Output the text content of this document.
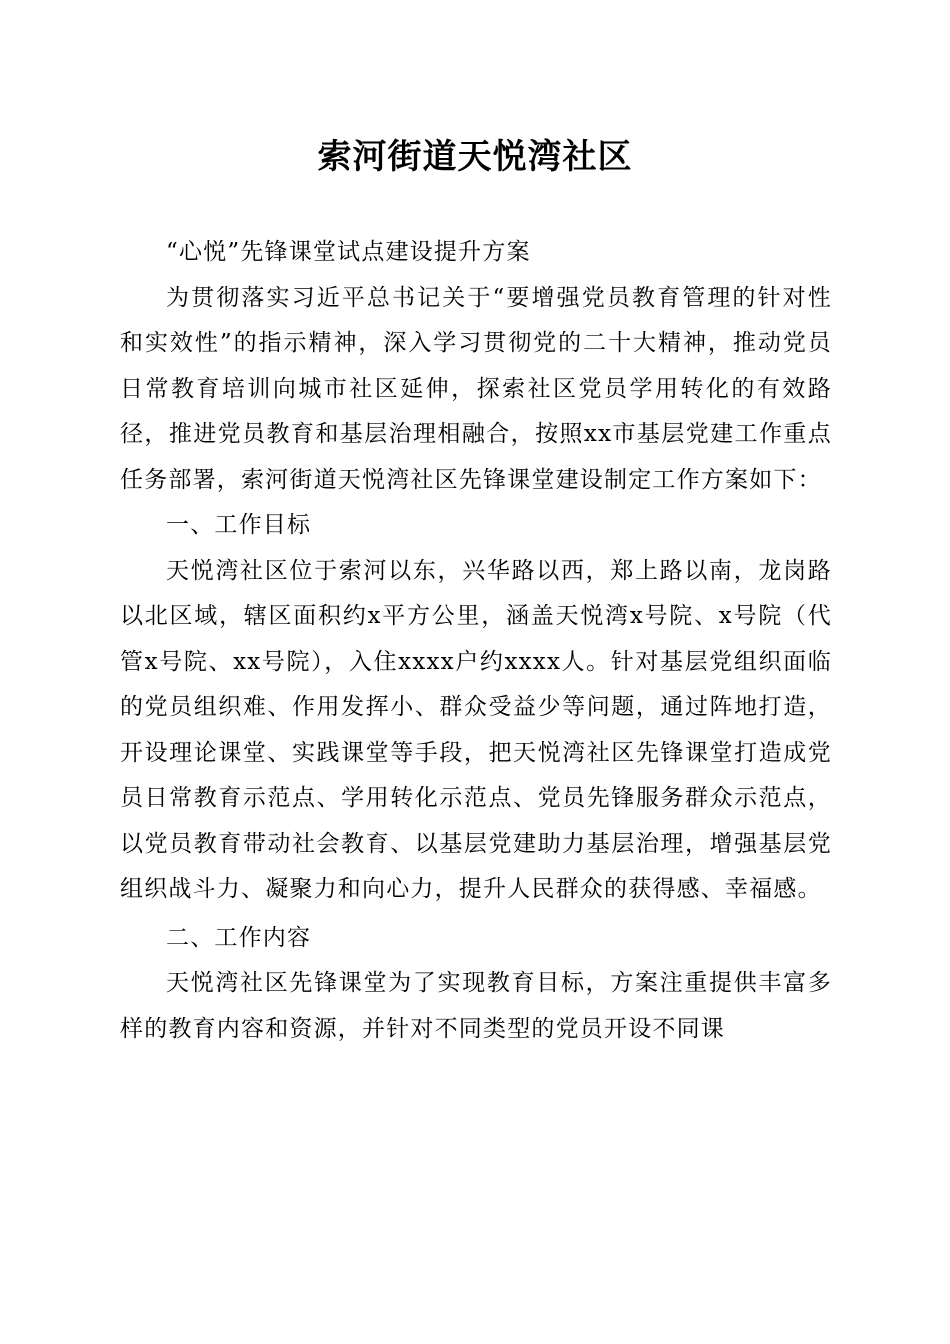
索河街道天悦湾社区

“心悦”先锋课堂试点建设提升方案

为贯彻落实习近平总书记关于“要增强党员教育管理的针对性和实效性”的指示精神，深入学习贯彻党的二十大精神，推动党员日常教育培训向城市社区延伸，探索社区党员学用转化的有效路径，推进党员教育和基层治理相融合，按照xx市基层党建工作重点任务部署，索河街道天悦湾社区先锋课堂建设制定工作方案如下：

一、工作目标

天悦湾社区位于索河以东，兴华路以西，郑上路以南，龙岗路以北区域，辖区面积约x平方公里，涵盖天悦湾x号院、x号院（代管x号院、xx号院），入住xxxx户约xxxx人。针对基层党组织面临的党员组织难、作用发挥小、群众受益少等问题，通过阵地打造，开设理论课堂、实践课堂等手段，把天悦湾社区先锋课堂打造成党员日常教育示范点、学用转化示范点、党员先锋服务群众示范点，以党员教育带动社会教育、以基层党建助力基层治理，增强基层党组织战斗力、凝聚力和向心力，提升人民群众的获得感、幸福感。

二、工作内容

天悦湾社区先锋课堂为了实现教育目标，方案注重提供丰富多样的教育内容和资源，并针对不同类型的党员开设不同课
